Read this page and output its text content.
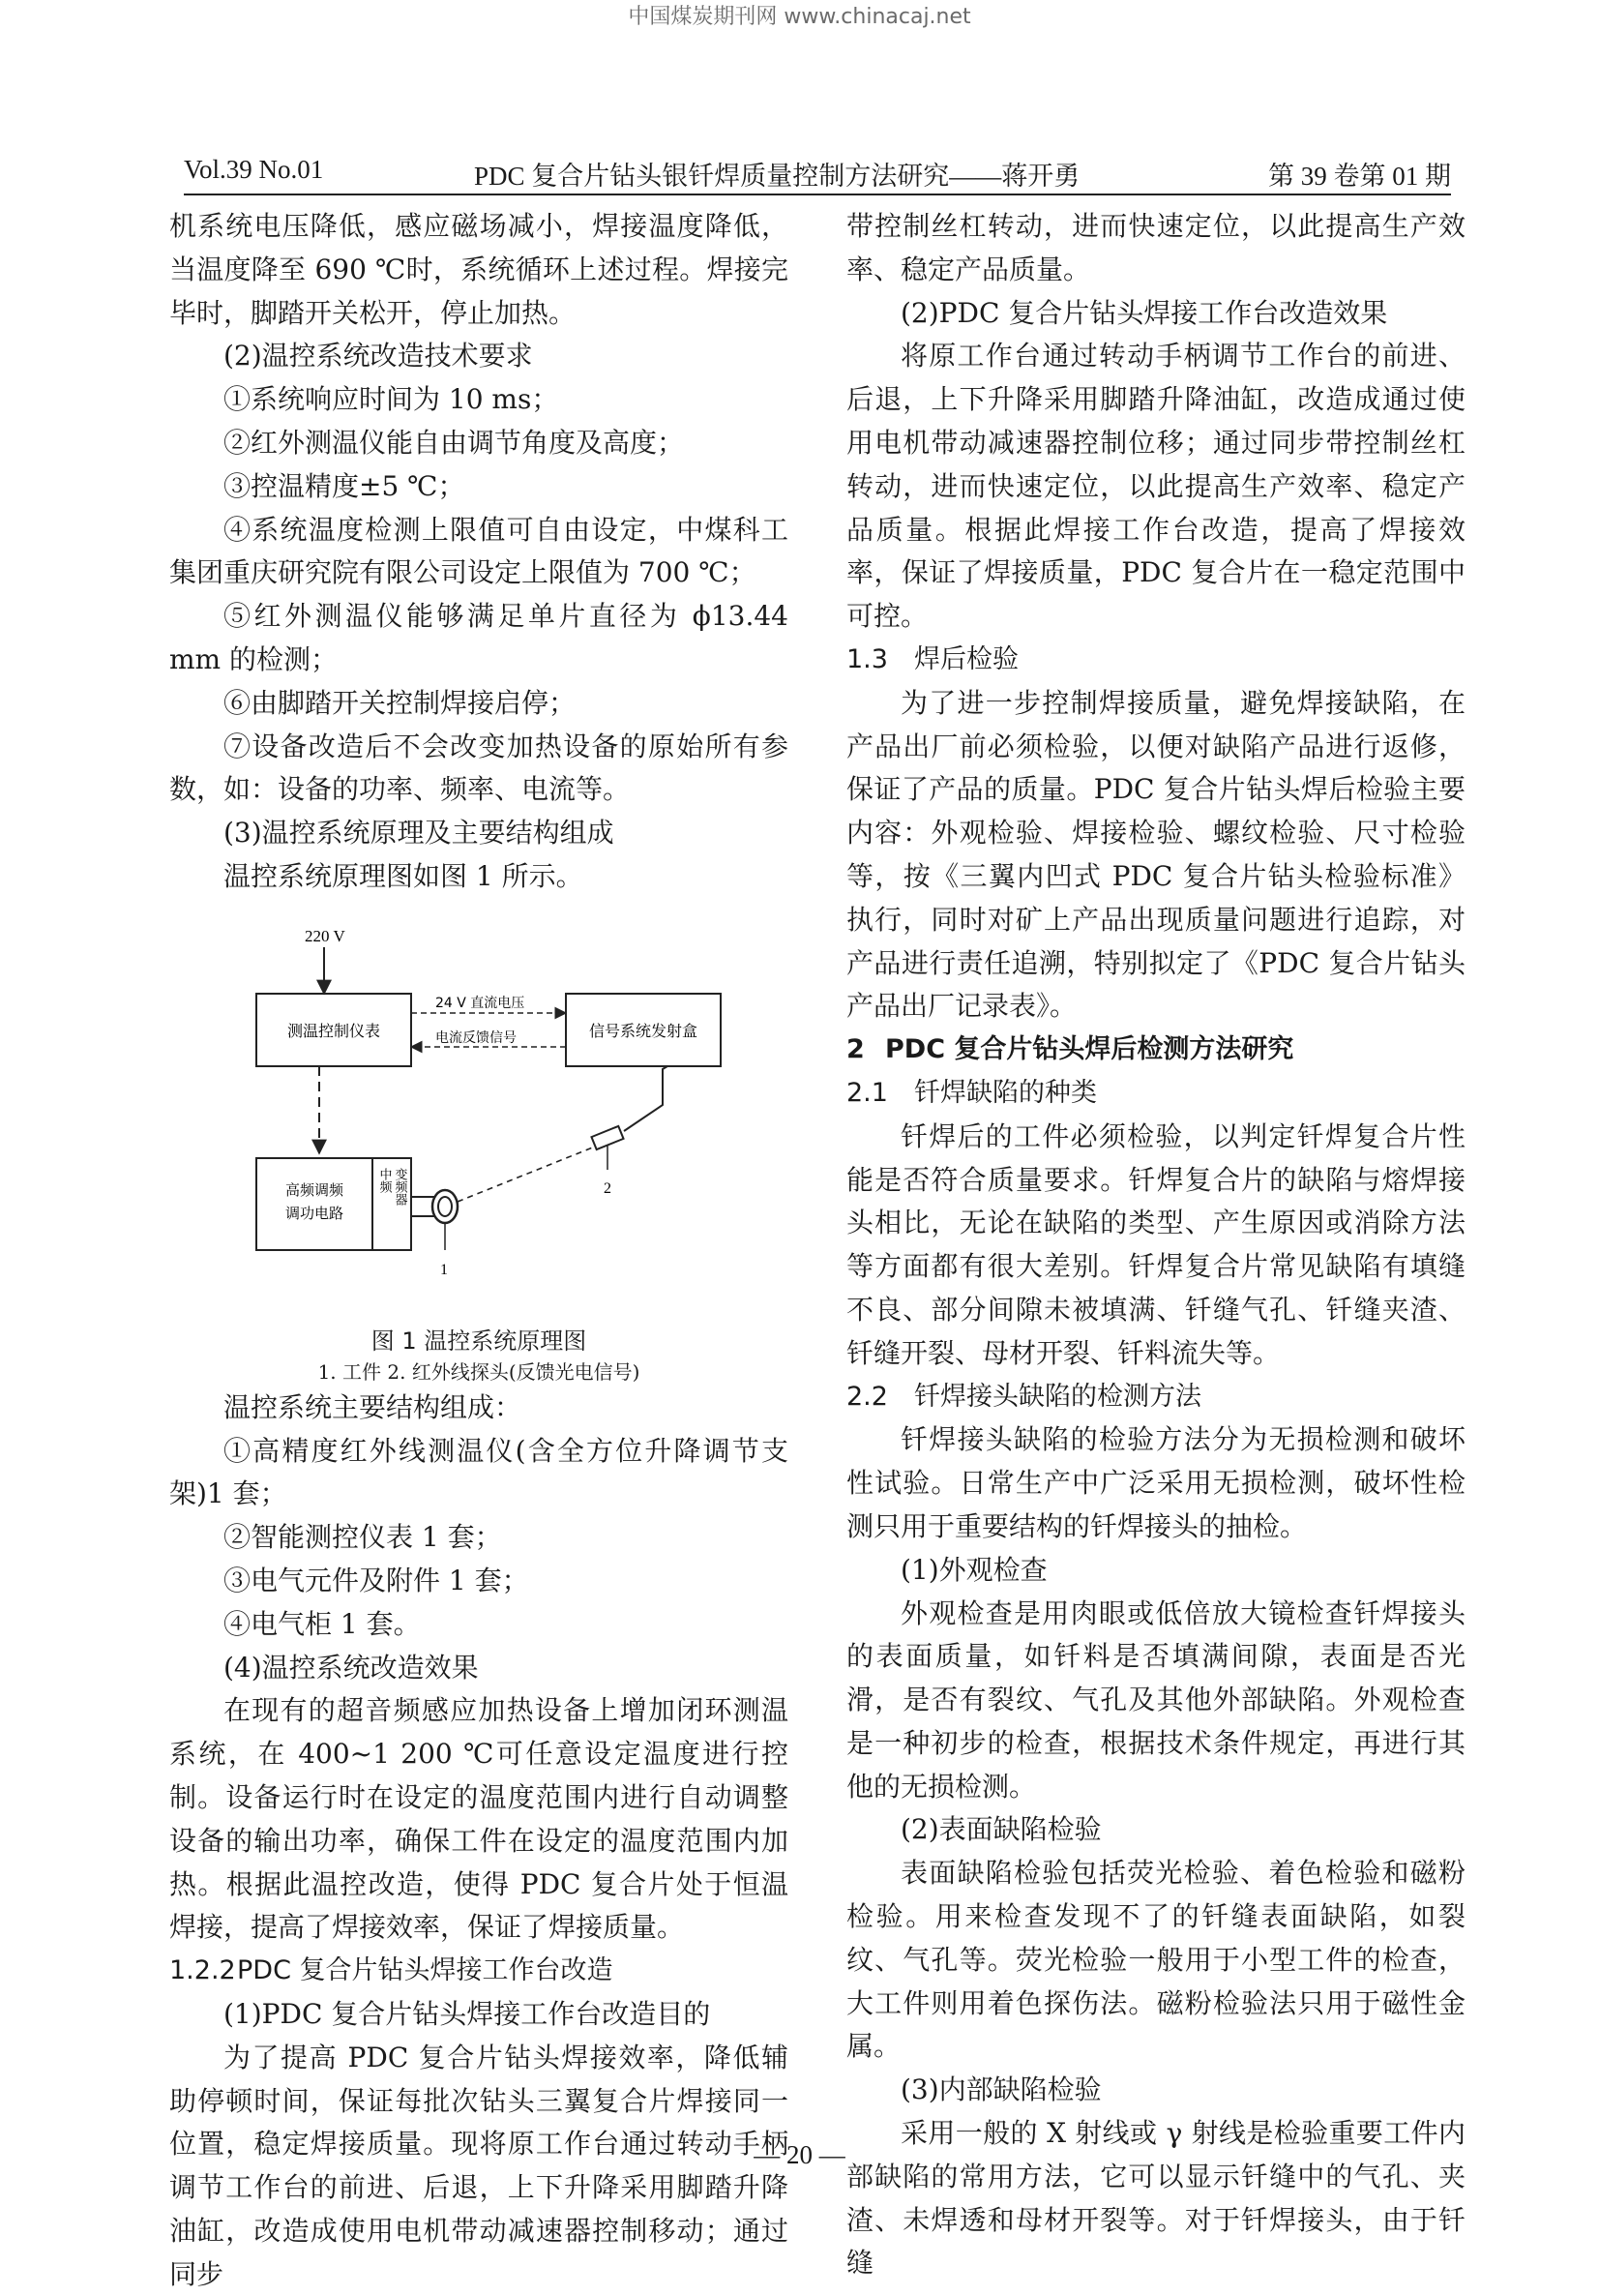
中国煤炭期刊网 www.chinacaj.net
Vol.39 No.01	PDC 复合片钻头银钎焊质量控制方法研究——蒋开勇	第 39 卷第 01 期

机系统电压降低，感应磁场减小，焊接温度降低，当温度降至 690 ℃时，系统循环上述过程。焊接完毕时，脚踏开关松开，停止加热。

(2)温控系统改造技术要求

①系统响应时间为 10 ms；

②红外测温仪能自由调节角度及高度；

③控温精度±5 ℃；

④系统温度检测上限值可自由设定，中煤科工集团重庆研究院有限公司设定上限值为 700 ℃；

⑤红外测温仪能够满足单片直径为 ϕ13.44 mm 的检测；

⑥由脚踏开关控制焊接启停；

⑦设备改造后不会改变加热设备的原始所有参数，如：设备的功率、频率、电流等。

(3)温控系统原理及主要结构组成

温控系统原理图如图 1 所示。

220 V
测温控制仪表	信号系统发射盒
24 V 直流电压
电流反馈信号
高频调频
调功电路
中频 变频器
1
2

图 1 温控系统原理图

1. 工件 2. 红外线探头(反馈光电信号)

温控系统主要结构组成：

①高精度红外线测温仪(含全方位升降调节支架)1 套；

②智能测控仪表 1 套；

③电气元件及附件 1 套；

④电气柜 1 套。

(4)温控系统改造效果

在现有的超音频感应加热设备上增加闭环测温系统，在 400~1 200 ℃可任意设定温度进行控制。设备运行时在设定的温度范围内进行自动调整设备的输出功率，确保工件在设定的温度范围内加热。根据此温控改造，使得 PDC 复合片处于恒温焊接，提高了焊接效率，保证了焊接质量。

1.2.2PDC 复合片钻头焊接工作台改造

(1)PDC 复合片钻头焊接工作台改造目的

为了提高 PDC 复合片钻头焊接效率，降低辅助停顿时间，保证每批次钻头三翼复合片焊接同一位置，稳定焊接质量。现将原工作台通过转动手柄调节工作台的前进、后退，上下升降采用脚踏升降油缸，改造成使用电机带动减速器控制移动；通过同步

带控制丝杠转动，进而快速定位，以此提高生产效率、稳定产品质量。

(2)PDC 复合片钻头焊接工作台改造效果

将原工作台通过转动手柄调节工作台的前进、后退，上下升降采用脚踏升降油缸，改造成通过使用电机带动减速器控制位移；通过同步带控制丝杠转动，进而快速定位，以此提高生产效率、稳定产品质量。根据此焊接工作台改造，提高了焊接效率，保证了焊接质量，PDC 复合片在一稳定范围中可控。

1.3 焊后检验

为了进一步控制焊接质量，避免焊接缺陷，在产品出厂前必须检验，以便对缺陷产品进行返修，保证了产品的质量。PDC 复合片钻头焊后检验主要内容：外观检验、焊接检验、螺纹检验、尺寸检验等，按《三翼内凹式 PDC 复合片钻头检验标准》执行，同时对矿上产品出现质量问题进行追踪，对产品进行责任追溯，特别拟定了《PDC 复合片钻头产品出厂记录表》。

2 PDC 复合片钻头焊后检测方法研究

2.1 钎焊缺陷的种类

钎焊后的工件必须检验，以判定钎焊复合片性能是否符合质量要求。钎焊复合片的缺陷与熔焊接头相比，无论在缺陷的类型、产生原因或消除方法等方面都有很大差别。钎焊复合片常见缺陷有填缝不良、部分间隙未被填满、钎缝气孔、钎缝夹渣、钎缝开裂、母材开裂、钎料流失等。

2.2 钎焊接头缺陷的检测方法

钎焊接头缺陷的检验方法分为无损检测和破坏性试验。日常生产中广泛采用无损检测，破坏性检测只用于重要结构的钎焊接头的抽检。

(1)外观检查

外观检查是用肉眼或低倍放大镜检查钎焊接头的表面质量，如钎料是否填满间隙，表面是否光滑，是否有裂纹、气孔及其他外部缺陷。外观检查是一种初步的检查，根据技术条件规定，再进行其他的无损检测。

(2)表面缺陷检验

表面缺陷检验包括荧光检验、着色检验和磁粉检验。用来检查发现不了的钎缝表面缺陷，如裂纹、气孔等。荧光检验一般用于小型工件的检查，大工件则用着色探伤法。磁粉检验法只用于磁性金属。

(3)内部缺陷检验

采用一般的 X 射线或 γ 射线是检验重要工件内部缺陷的常用方法，它可以显示钎缝中的气孔、夹渣、未焊透和母材开裂等。对于钎焊接头，由于钎缝

— 20 —
